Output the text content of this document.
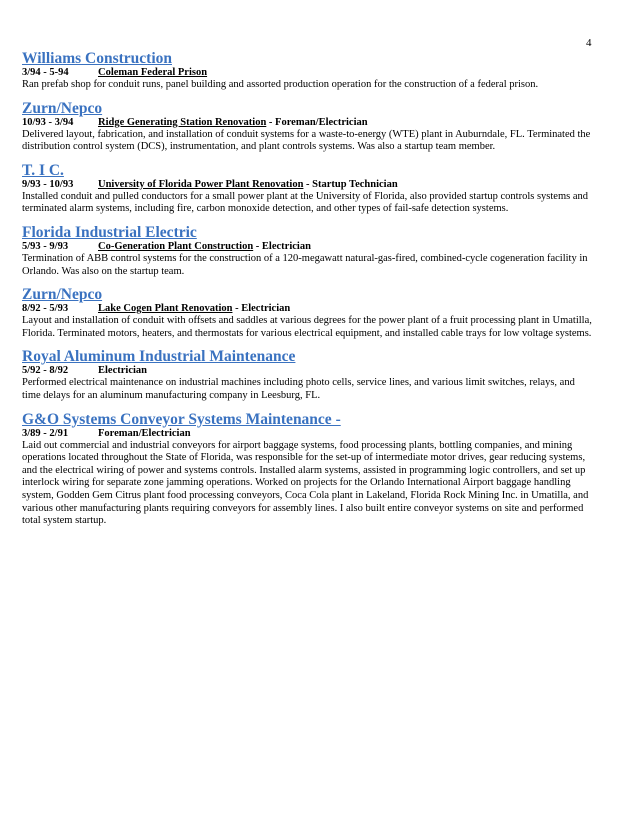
4
Williams Construction
3/94 - 5-94	Coleman Federal Prison

Ran prefab shop for conduit runs, panel building and assorted production operation for the construction of a federal prison.

Zurn/Nepco
10/93 - 3/94 Ridge Generating Station Renovation - Foreman/Electrician

Delivered layout, fabrication, and installation of conduit systems for a waste-to-energy (WTE) plant in Auburndale, FL. Terminated the distribution control system (DCS), instrumentation, and plant controls systems. Was also a startup team member.

T. I C.
9/93 - 10/93 University of Florida Power Plant Renovation - Startup Technician

Installed conduit and pulled conductors for a small power plant at the University of Florida, also provided startup controls systems and terminated alarm systems, including fire, carbon monoxide detection, and other types of fail-safe detection systems.

Florida Industrial Electric
5/93 - 9/93	Co-Generation Plant Construction - Electrician

Termination of ABB control systems for the construction of a 120-megawatt natural-gas-fired, combined-cycle cogeneration facility in Orlando. Was also on the startup team.

Zurn/Nepco
8/92 - 5/93	Lake Cogen Plant Renovation - Electrician

Layout and installation of conduit with offsets and saddles at various degrees for the power plant of a fruit processing plant in Umatilla, Florida. Terminated motors, heaters, and thermostats for various electrical equipment, and installed cable trays for low voltage systems.

Royal Aluminum Industrial Maintenance
5/92 - 8/92	Electrician

Performed electrical maintenance on industrial machines including photo cells, service lines, and various limit switches, relays, and time delays for an aluminum manufacturing company in Leesburg, FL.

G&O Systems Conveyor Systems Maintenance -
3/89 - 2/91	Foreman/Electrician

Laid out commercial and industrial conveyors for airport baggage systems, food processing plants, bottling companies, and mining operations located throughout the State of Florida, was responsible for the set-up of intermediate motor drives, gear reducing systems, and the electrical wiring of power and systems controls. Installed alarm systems, assisted in programming logic controllers, and set up interlock wiring for separate zone jamming operations. Worked on projects for the Orlando International Airport baggage handling system, Godden Gem Citrus plant food processing conveyors, Coca Cola plant in Lakeland, Florida Rock Mining Inc. in Umatilla, and various other manufacturing plants requiring conveyors for assembly lines. I also built entire conveyor systems on site and performed total system startup.
